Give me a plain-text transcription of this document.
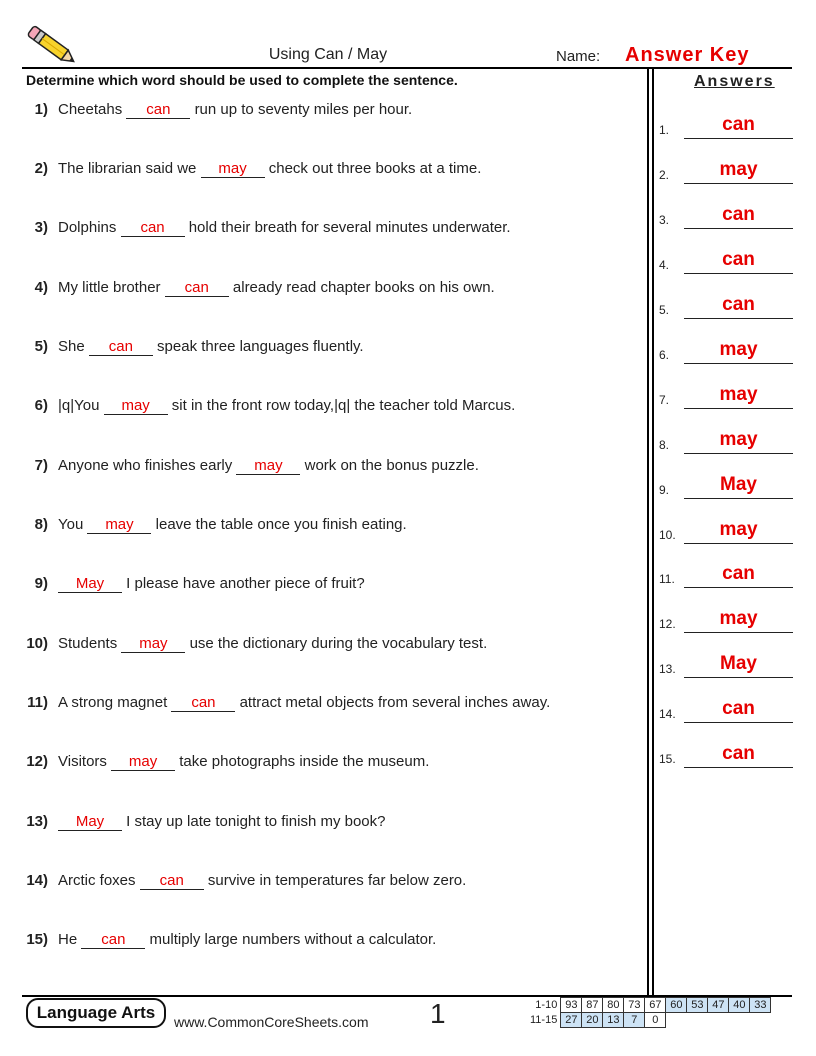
Using Can / May	Name: Answer Key
Determine which word should be used to complete the sentence.	Answers
1) Cheetahs can run up to seventy miles per hour.
2) The librarian said we may check out three books at a time.
3) Dolphins can hold their breath for several minutes underwater.
4) My little brother can already read chapter books on his own.
5) She can speak three languages fluently.
6) |q|You may sit in the front row today,|q| the teacher told Marcus.
7) Anyone who finishes early may work on the bonus puzzle.
8) You may leave the table once you finish eating.
9) May I please have another piece of fruit?
10) Students may use the dictionary during the vocabulary test.
11) A strong magnet can attract metal objects from several inches away.
12) Visitors may take photographs inside the museum.
13) May I stay up late tonight to finish my book?
14) Arctic foxes can survive in temperatures far below zero.
15) He can multiply large numbers without a calculator.
1.	can
2.	may
3.	can
4.	can
5.	can
6.	may
7.	may
8.	may
9.	May
10.	may
11.	can
12.	may
13.	May
14.	can
15.	can
Language Arts	www.CommonCoreSheets.com 1	1-10	93	87	80	73	67	60	53	47	40	33
11-15	27	20	13	7	0					
